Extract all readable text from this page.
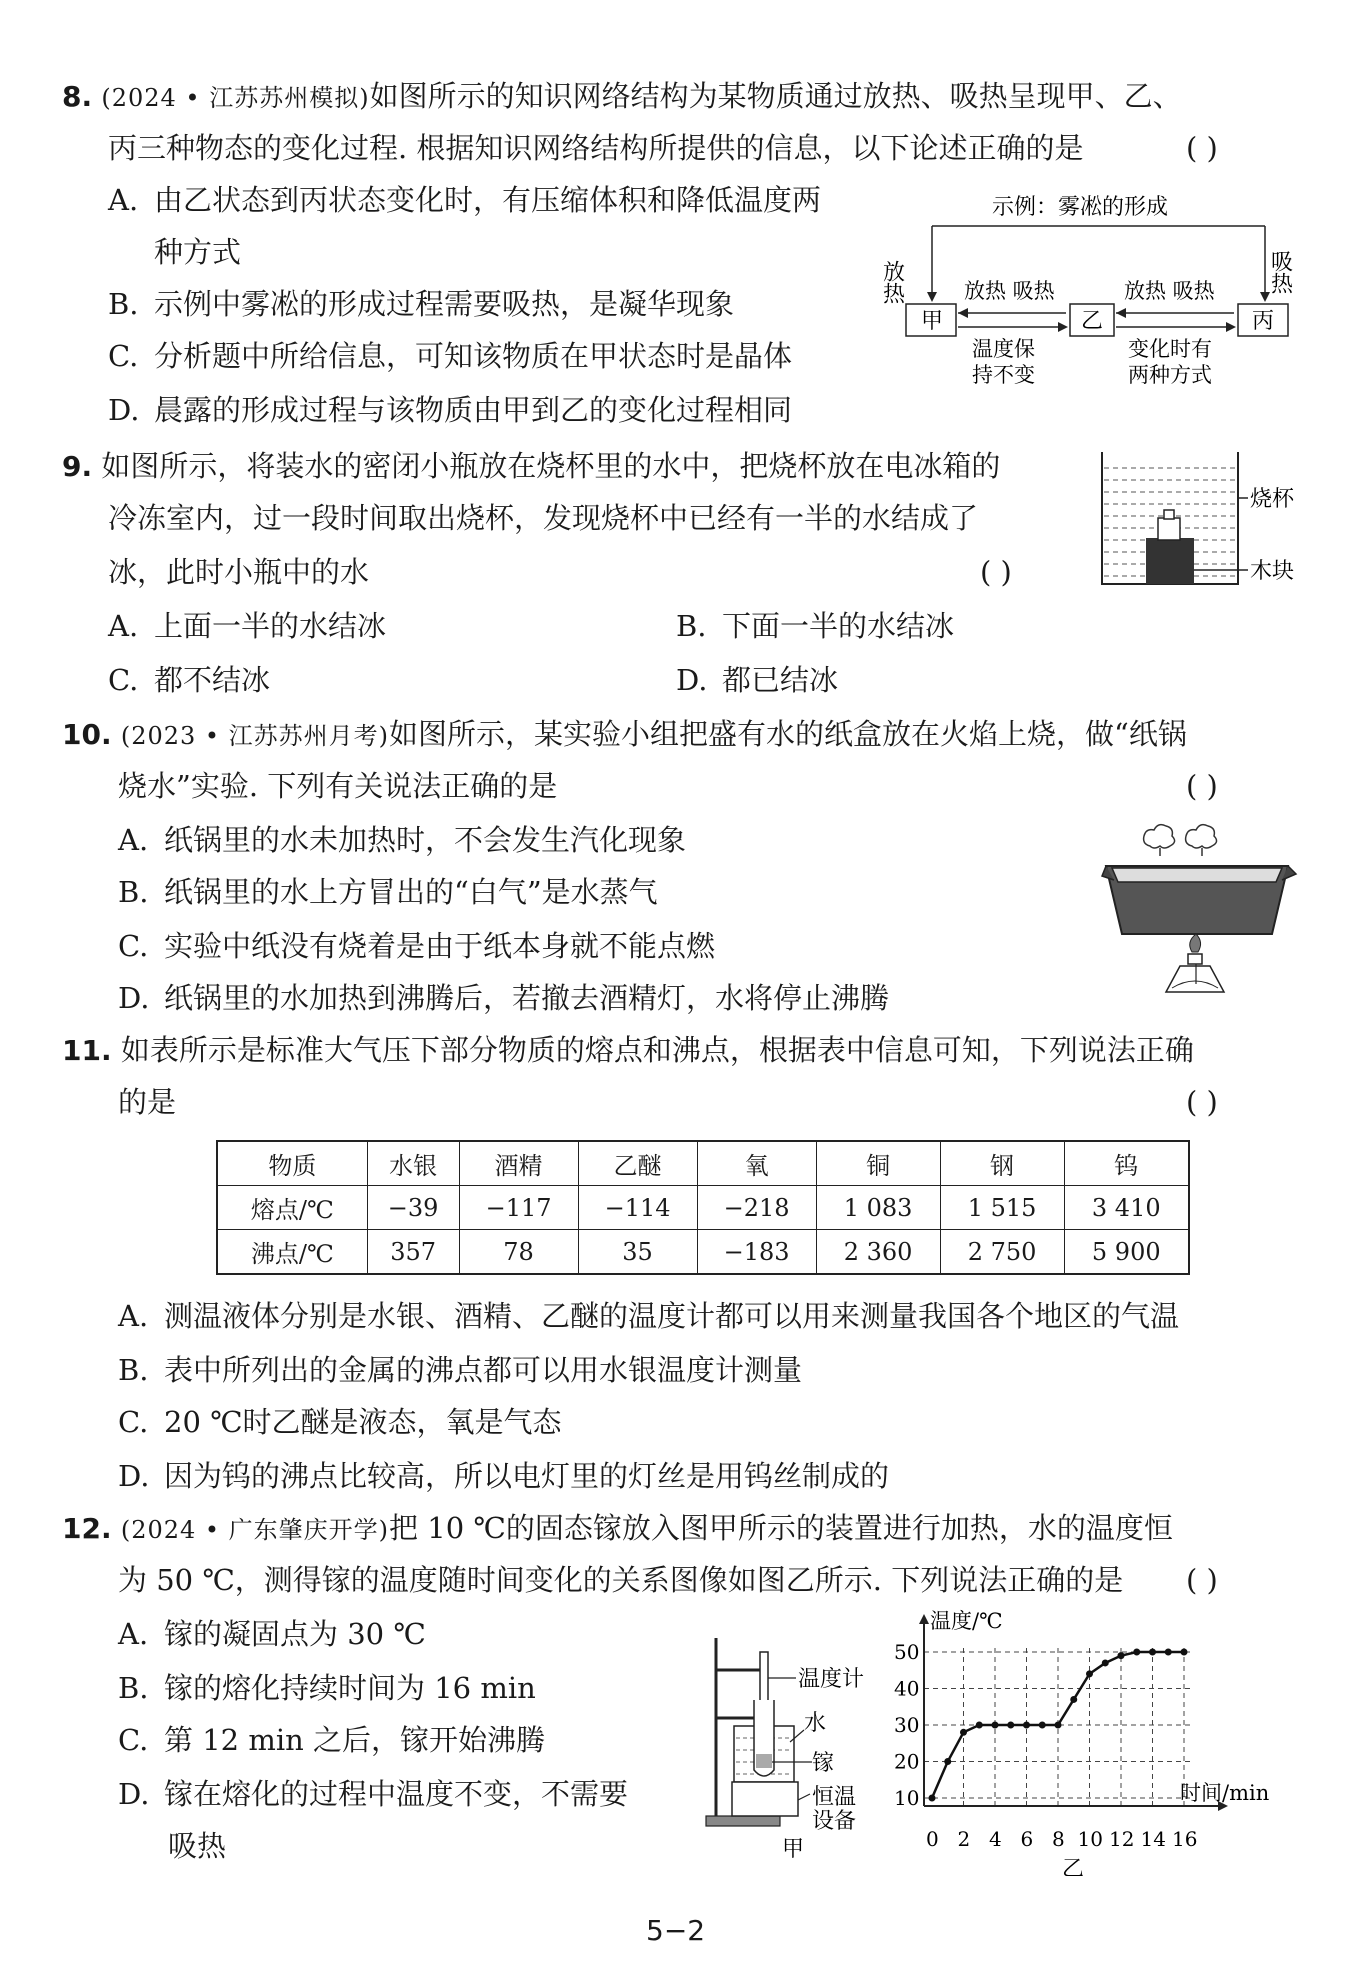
8. (2024 • 江苏苏州模拟)如图所示的知识网络结构为某物质通过放热、吸热呈现甲、乙、
丙三种物态的变化过程. 根据知识网络结构所提供的信息，以下论述正确的是	( )
A. 由乙状态到丙状态变化时，有压缩体积和降低温度两
种方式
B. 示例中雾凇的形成过程需要吸热，是凝华现象
C. 分析题中所给信息，可知该物质在甲状态时是晶体
D. 晨露的形成过程与该物质由甲到乙的变化过程相同
示例：雾凇的形成
放热	吸热
甲	乙	丙
放热 吸热	放热 吸热
温度保
持不变
变化时有
两种方式
9. 如图所示，将装水的密闭小瓶放在烧杯里的水中，把烧杯放在电冰箱的
冷冻室内，过一段时间取出烧杯，发现烧杯中已经有一半的水结成了
冰，此时小瓶中的水	( )
A. 上面一半的水结冰	B. 下面一半的水结冰
C. 都不结冰	D. 都已结冰
烧杯
木块
10. (2023 • 江苏苏州月考)如图所示，某实验小组把盛有水的纸盒放在火焰上烧，做“纸锅
烧水”实验. 下列有关说法正确的是	( )
A. 纸锅里的水未加热时，不会发生汽化现象
B. 纸锅里的水上方冒出的“白气”是水蒸气
C. 实验中纸没有烧着是由于纸本身就不能点燃
D. 纸锅里的水加热到沸腾后，若撤去酒精灯，水将停止沸腾
11. 如表所示是标准大气压下部分物质的熔点和沸点，根据表中信息可知，下列说法正确
的是	( )
物质	水银	酒精	乙醚	氧	铜	钢	钨
熔点/℃	−39	−117	−114	−218	1 083	1 515	3 410
沸点/℃	357	78	35	−183	2 360	2 750	5 900
A. 测温液体分别是水银、酒精、乙醚的温度计都可以用来测量我国各个地区的气温
B. 表中所列出的金属的沸点都可以用水银温度计测量
C. 20 ℃时乙醚是液态，氧是气态
D. 因为钨的沸点比较高，所以电灯里的灯丝是用钨丝制成的
12. (2024 • 广东肇庆开学)把 10 ℃的固态镓放入图甲所示的装置进行加热，水的温度恒
为 50 ℃，测得镓的温度随时间变化的关系图像如图乙所示. 下列说法正确的是 ( )
A. 镓的凝固点为 30 ℃
B. 镓的熔化持续时间为 16 min
C. 第 12 min 之后，镓开始沸腾
D. 镓在熔化的过程中温度不变，不需要
吸热
温度计
水
镓
恒温
设备
甲	0 2 4 6 8 10 12 14 16
10
20
30
40
50
温度/℃
时间/min
乙
5−2
